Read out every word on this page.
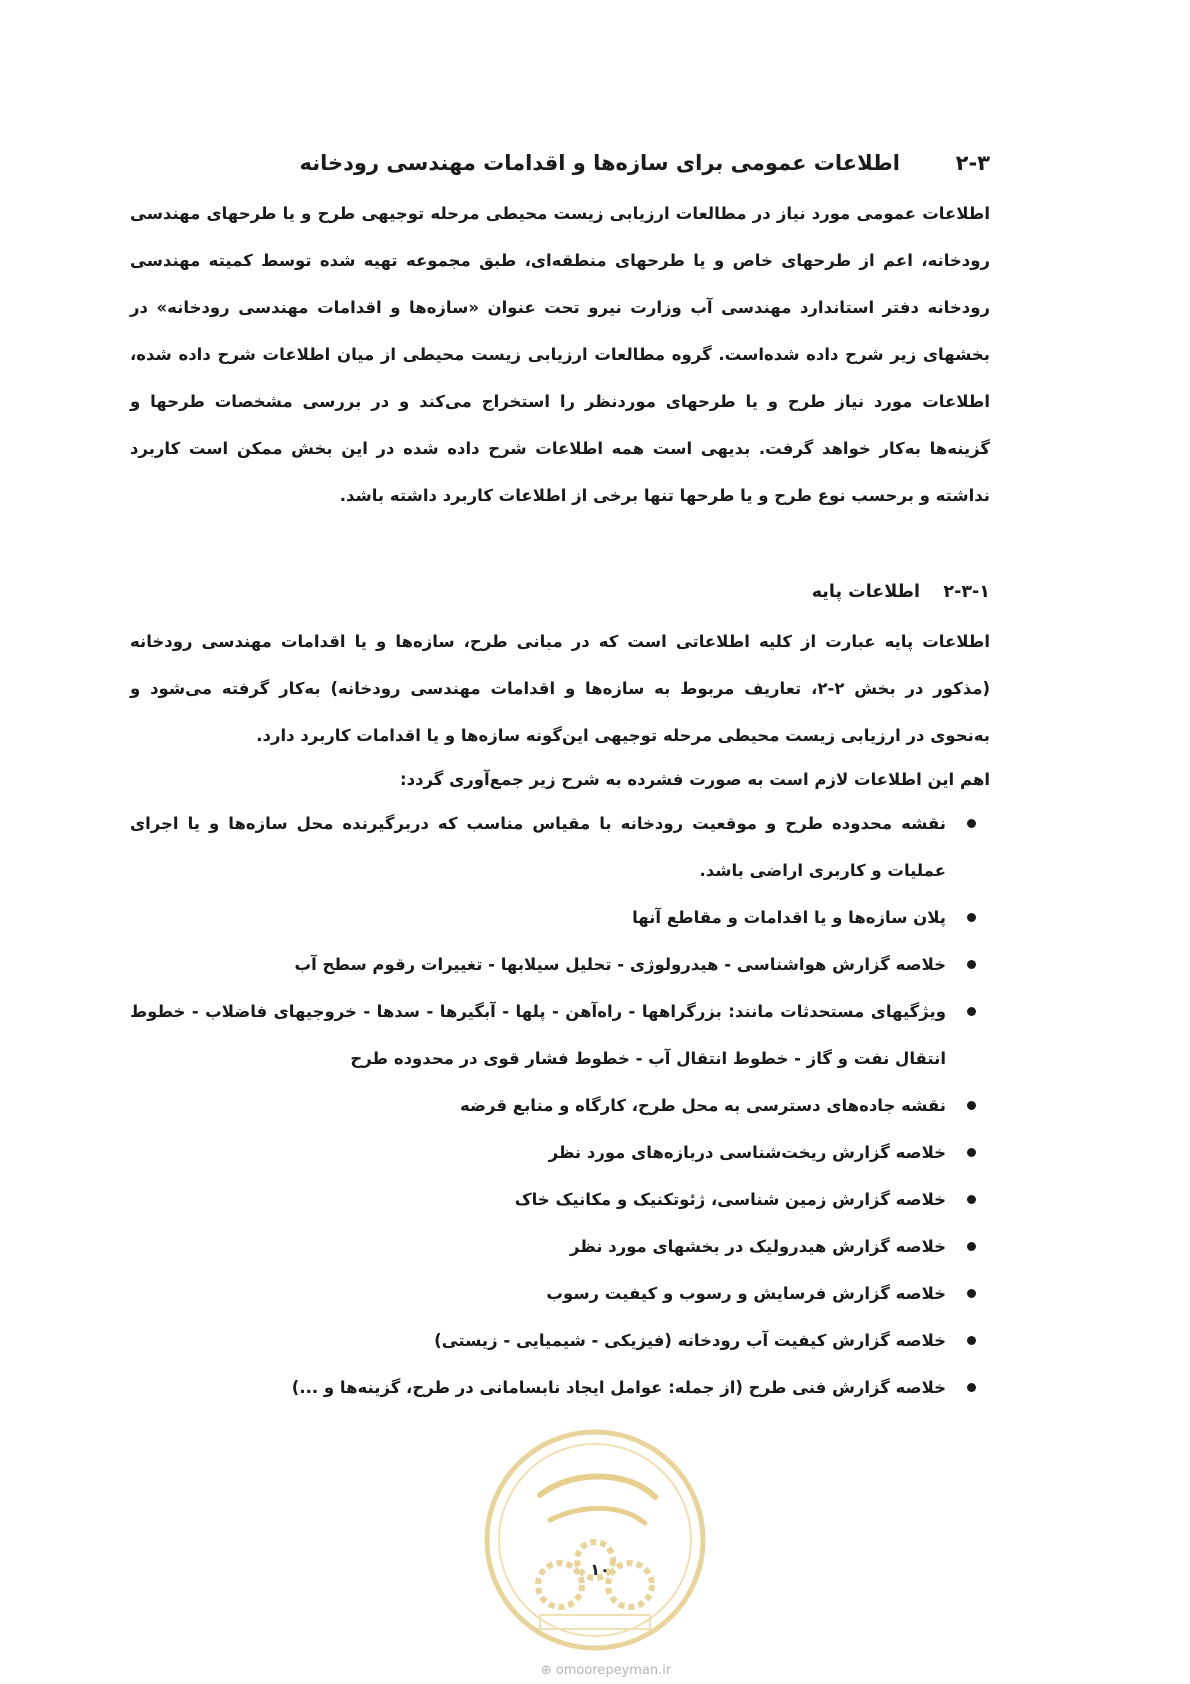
۲-۳اطلاعات عمومی برای سازه‌ها و اقدامات مهندسی رودخانه

اطلاعات عمومی مورد نیاز در مطالعات ارزیابی زیست محیطی مرحله توجیهی طرح و یا طرحهای مهندسی رودخانه، اعم از طرحهای خاص و یا طرحهای منطقه‌ای، طبق مجموعه تهیه شده توسط کمیته مهندسی رودخانه دفتر استاندارد مهندسی آب وزارت نیرو تحت عنوان «سازه‌ها و اقدامات مهندسی رودخانه» در بخشهای زیر شرح داده شده‌است. گروه مطالعات ارزیابی زیست محیطی از میان اطلاعات شرح داده شده، اطلاعات مورد نیاز طرح و یا طرحهای موردنظر را استخراج می‌کند و در بررسی مشخصات طرحها و گزینه‌ها به‌کار خواهد گرفت. بدیهی است همه اطلاعات شرح داده شده در این بخش ممکن است کاربرد نداشته و برحسب نوع طرح و یا طرحها تنها برخی از اطلاعات کاربرد داشته باشد.

۲-۳-۱اطلاعات پایه

اطلاعات پایه عبارت از کلیه اطلاعاتی است که در مبانی طرح، سازه‌ها و یا اقدامات مهندسی رودخانه (مذکور در بخش ۲-۲، تعاریف مربوط به سازه‌ها و اقدامات مهندسی رودخانه) به‌کار گرفته می‌شود و به‌نحوی در ارزیابی زیست محیطی مرحله توجیهی این‌گونه سازه‌ها و یا اقدامات کاربرد دارد.

اهم این اطلاعات لازم است به صورت فشرده به شرح زیر جمع‌آوری گردد:

نقشه محدوده طرح و موقعیت رودخانه با مقیاس مناسب که دربرگیرنده محل سازه‌ها و یا اجرای عملیات و کاربری اراضی باشد.
پلان سازه‌ها و یا اقدامات و مقاطع آنها
خلاصه گزارش هواشناسی - هیدرولوژی - تحلیل سیلابها - تغییرات رقوم سطح آب
ویژگیهای مستحدثات مانند: بزرگراهها - راه‌آهن - پلها - آبگیرها - سدها - خروجیهای فاضلاب - خطوط انتقال نفت و گاز - خطوط انتقال آب - خطوط فشار قوی در محدوده طرح
نقشه جاده‌های دسترسی به محل طرح، کارگاه و منابع قرضه
خلاصه گزارش ریخت‌شناسی دربازه‌های مورد نظر
خلاصه گزارش زمین شناسی، ژئوتکنیک و مکانیک خاک
خلاصه گزارش هیدرولیک در بخشهای مورد نظر
خلاصه گزارش فرسایش و رسوب و کیفیت رسوب
خلاصه گزارش کیفیت آب رودخانه (فیزیکی - شیمیایی - زیستی)
خلاصه گزارش فنی طرح (از جمله: عوامل ایجاد نابسامانی در طرح، گزینه‌ها و ...)
۱۰
⊕ omoorepeyman.ir
